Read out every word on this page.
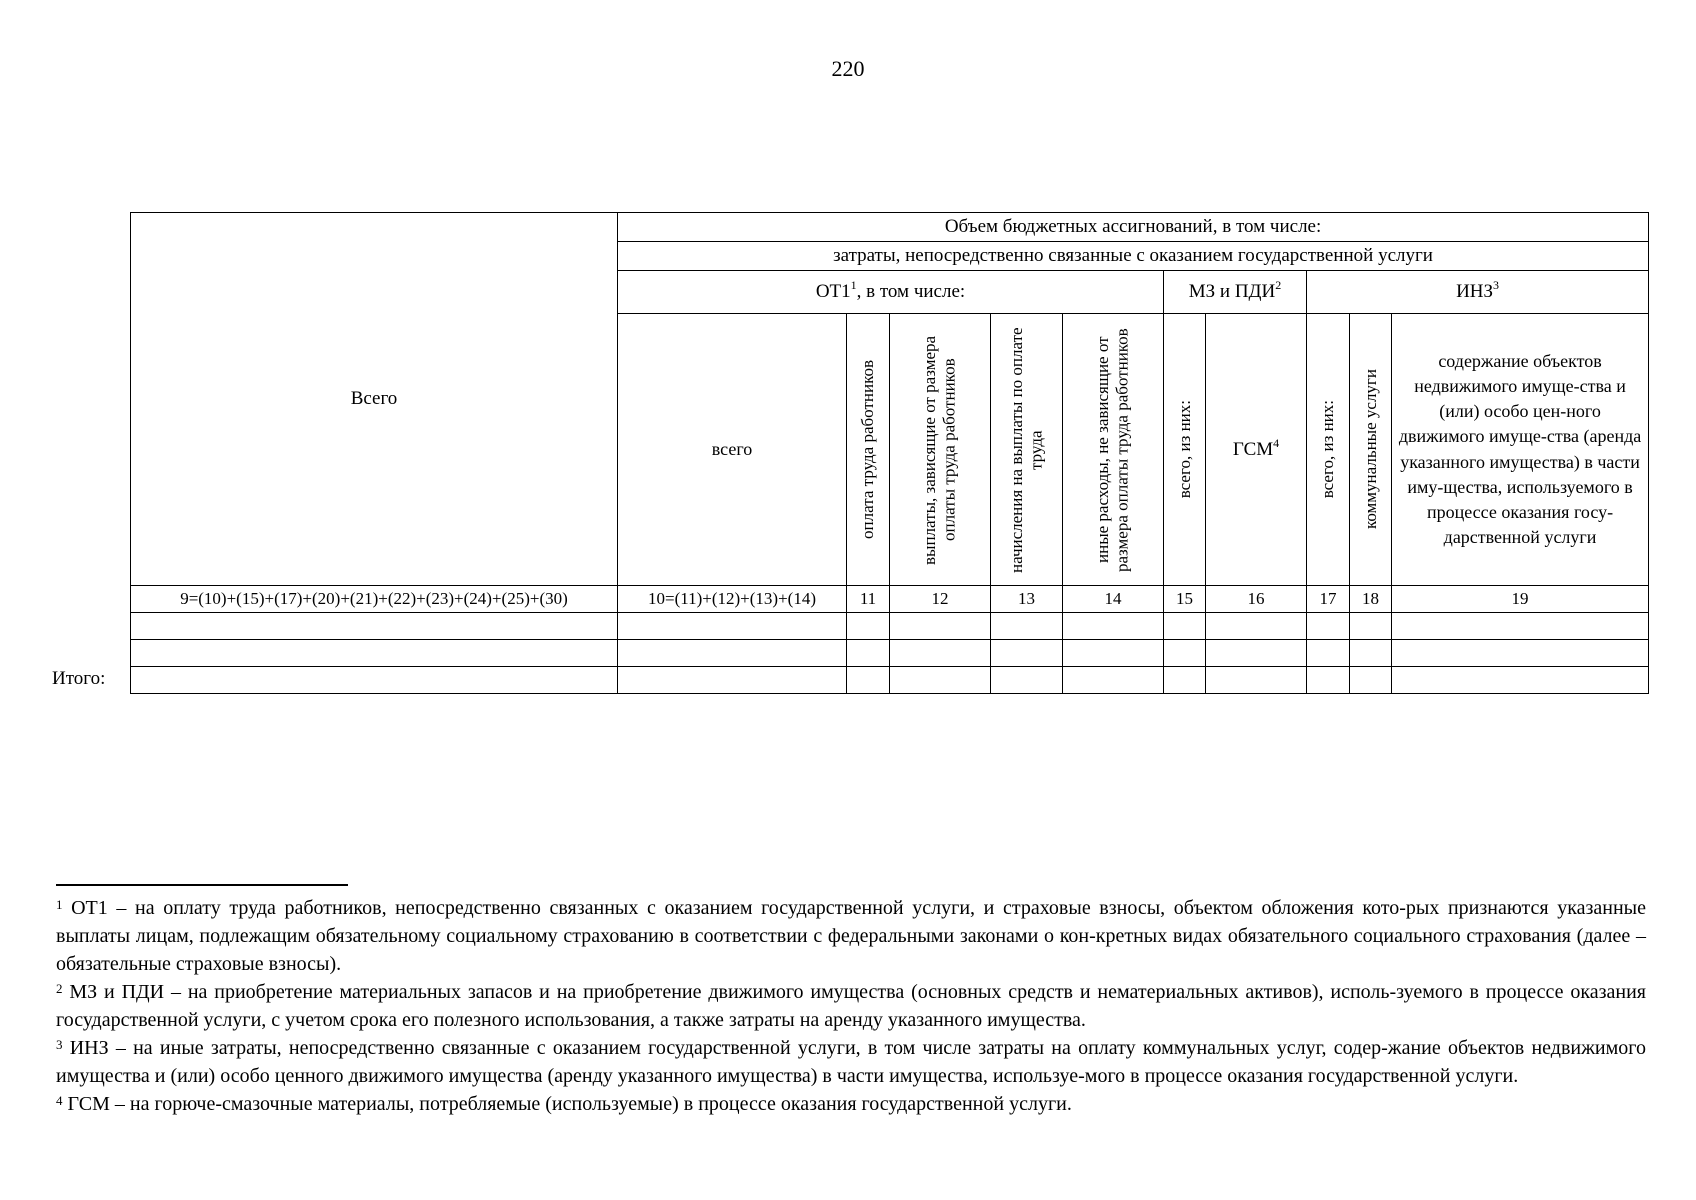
220
Всего	Объем бюджетных ассигнований, в том числе:									
	затраты, непосредственно связанные с оказанием государственной услуги									
	$ОТ1^1$, в том числе:					МЗ и ПДИ$^2$		ИНЗ$^3$
	всего	оплата труда работников	выплаты, зависящие от размера оплаты труда работников	начисления на выплаты по оплате труда	иные расходы, не зависящие от размера оплаты труда работников	всего, из них:	ГСМ$^4$	всего, из них:	коммунальные услуги	содержание объектов недвижимого имуще-ства и (или) особо цен-ного движимого имуще-ства (аренда указанного имущества) в части иму-щества, используемого в процессе оказания госу-дарственной услуги

9=(10)+(15)+(17)+(20)+(21)+(22)+(23)+(24)+(25)+(30)	10=(11)+(12)+(13)+(14)	11	12	13	14	15	16	17	18	19

Итого:

$^1$ ОТ1 – на оплату труда работников, непосредственно связанных с оказанием государственной услуги, и страховые взносы, объектом обложения кото-рых признаются указанные выплаты лицам, подлежащим обязательному социальному страхованию в соответствии с федеральными законами о кон-кретных видах обязательного социального страхования (далее – обязательные страховые взносы).

$^2$ МЗ и ПДИ – на приобретение материальных запасов и на приобретение движимого имущества (основных средств и нематериальных активов), исполь-зуемого в процессе оказания государственной услуги, с учетом срока его полезного использования, а также затраты на аренду указанного имущества.

$^3$ ИНЗ – на иные затраты, непосредственно связанные с оказанием государственной услуги, в том числе затраты на оплату коммунальных услуг, содер-жание объектов недвижимого имущества и (или) особо ценного движимого имущества (аренду указанного имущества) в части имущества, используе-мого в процессе оказания государственной услуги.

$^4$ ГСМ – на горюче-смазочные материалы, потребляемые (используемые) в процессе оказания государственной услуги.
